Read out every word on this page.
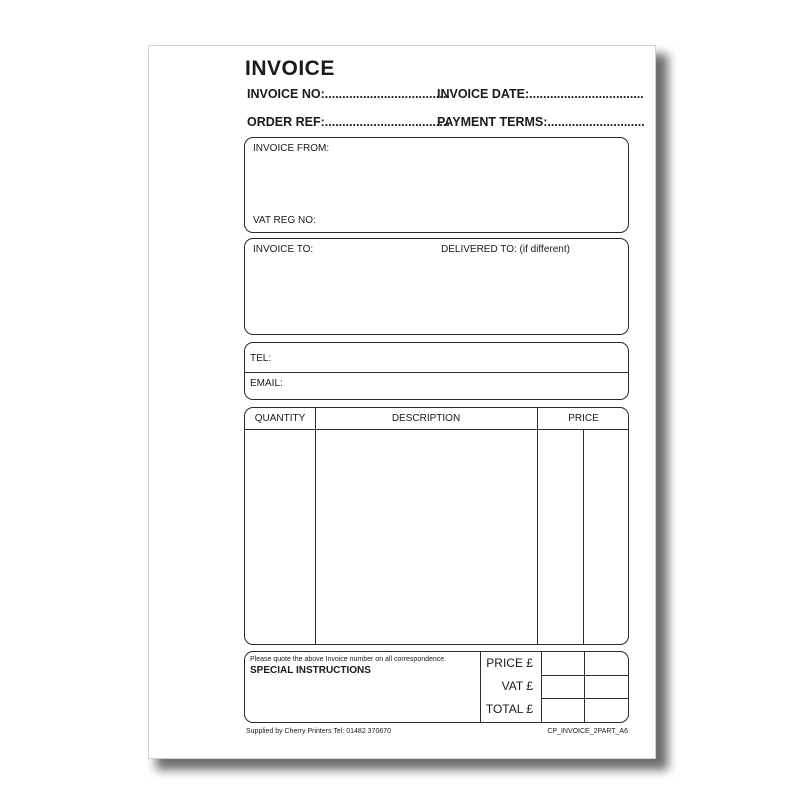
INVOICE
INVOICE NO:....................................
INVOICE DATE:.................................
ORDER REF:....................................
PAYMENT TERMS:............................
INVOICE FROM:
VAT REG NO:
INVOICE TO:	DELIVERED TO: (if different)
TEL:
EMAIL:
QUANTITY	DESCRIPTION	PRICE
Please quote the above Invoice number on all correspondence.
SPECIAL INSTRUCTIONS
PRICE £
VAT £
TOTAL £
Supplied by Cherry Printers Tel: 01482 370670	CP_INVOICE_2PART_A6
